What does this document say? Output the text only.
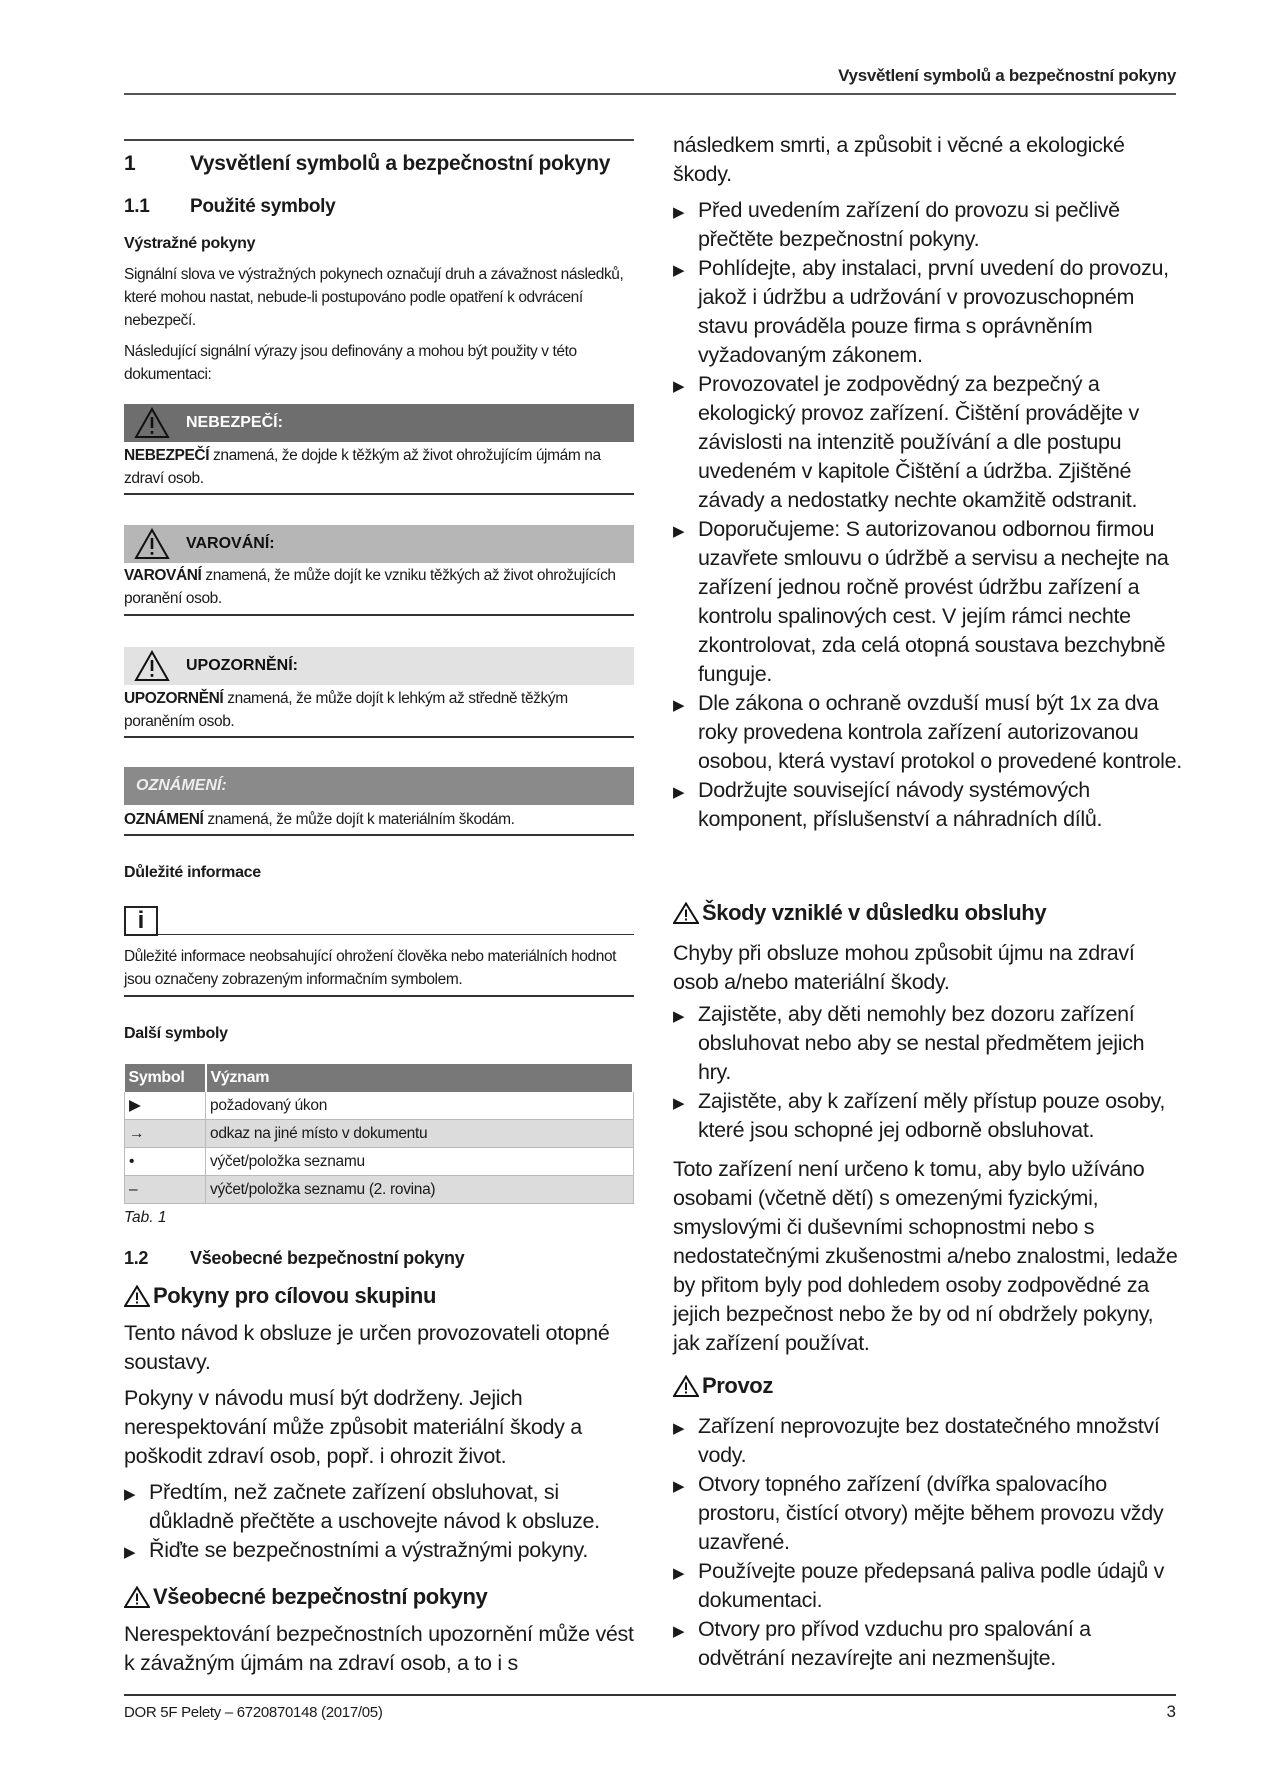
Vysvětlení symbolů a bezpečnostní pokyny
1	Vysvětlení symbolů a bezpečnostní pokyny
1.1	Použité symboly
Výstražné pokyny
Signální slova ve výstražných pokynech označují druh a závažnost následků, které mohou nastat, nebude-li postupováno podle opatření k odvrácení nebezpečí.
Následující signální výrazy jsou definovány a mohou být použity v této dokumentaci:
NEBEZPEČÍ:
NEBEZPEČÍ znamená, že dojde k těžkým až život ohrožujícím újmám na zdraví osob.
VAROVÁNÍ:
VAROVÁNÍ znamená, že může dojít ke vzniku těžkých až život ohrožujících poranění osob.
UPOZORNĚNÍ:
UPOZORNĚNÍ znamená, že může dojít k lehkým až středně těžkým poraněním osob.
OZNÁMENÍ:
OZNÁMENÍ znamená, že může dojít k materiálním škodám.
Důležité informace
i
Důležité informace neobsahující ohrožení člověka nebo materiálních hodnot jsou označeny zobrazeným informačním symbolem.
Další symboly
Symbol	Význam
▶	požadovaný úkon
→	odkaz na jiné místo v dokumentu
•	výčet/položka seznamu
–	výčet/položka seznamu (2. rovina)
Tab. 1
1.2	Všeobecné bezpečnostní pokyny
Pokyny pro cílovou skupinu
Tento návod k obsluze je určen provozovateli otopné soustavy.
Pokyny v návodu musí být dodrženy. Jejich nerespektování může způsobit materiální škody a poškodit zdraví osob, popř. i ohrozit život.
▶ Předtím, než začnete zařízení obsluhovat, si důkladně přečtěte a uschovejte návod k obsluze.
▶ Řiďte se bezpečnostními a výstražnými pokyny.
Všeobecné bezpečnostní pokyny
Nerespektování bezpečnostních upozornění může vést k závažným újmám na zdraví osob, a to i s
následkem smrti, a způsobit i věcné a ekologické škody.
▶ Před uvedením zařízení do provozu si pečlivě přečtěte bezpečnostní pokyny.
▶ Pohlídejte, aby instalaci, první uvedení do provozu, jakož i údržbu a udržování v provozuschopném stavu prováděla pouze firma s oprávněním vyžadovaným zákonem.
▶ Provozovatel je zodpovědný za bezpečný a ekologický provoz zařízení. Čištění provádějte v závislosti na intenzitě používání a dle postupu uvedeném v kapitole Čištění a údržba. Zjištěné závady a nedostatky nechte okamžitě odstranit.
▶ Doporučujeme: S autorizovanou odbornou firmou uzavřete smlouvu o údržbě a servisu a nechejte na zařízení jednou ročně provést údržbu zařízení a kontrolu spalinových cest. V jejím rámci nechte zkontrolovat, zda celá otopná soustava bezchybně funguje.
▶ Dle zákona o ochraně ovzduší musí být 1x za dva roky provedena kontrola zařízení autorizovanou osobou, která vystaví protokol o provedené kontrole.
▶ Dodržujte související návody systémových komponent, příslušenství a náhradních dílů.
Škody vzniklé v důsledku obsluhy
Chyby při obsluze mohou způsobit újmu na zdraví osob a/nebo materiální škody.
▶ Zajistěte, aby děti nemohly bez dozoru zařízení obsluhovat nebo aby se nestal předmětem jejich hry.
▶ Zajistěte, aby k zařízení měly přístup pouze osoby, které jsou schopné jej odborně obsluhovat.
Toto zařízení není určeno k tomu, aby bylo užíváno osobami (včetně dětí) s omezenými fyzickými, smyslovými či duševními schopnostmi nebo s nedostatečnými zkušenostmi a/nebo znalostmi, ledaže by přitom byly pod dohledem osoby zodpovědné za jejich bezpečnost nebo že by od ní obdržely pokyny, jak zařízení používat.
Provoz
▶ Zařízení neprovozujte bez dostatečného množství vody.
▶ Otvory topného zařízení (dvířka spalovacího prostoru, čistící otvory) mějte během provozu vždy uzavřené.
▶ Používejte pouze předepsaná paliva podle údajů v dokumentaci.
▶ Otvory pro přívod vzduchu pro spalování a odvětrání nezavírejte ani nezmenšujte.
DOR 5F Pelety – 6720870148 (2017/05)	3
